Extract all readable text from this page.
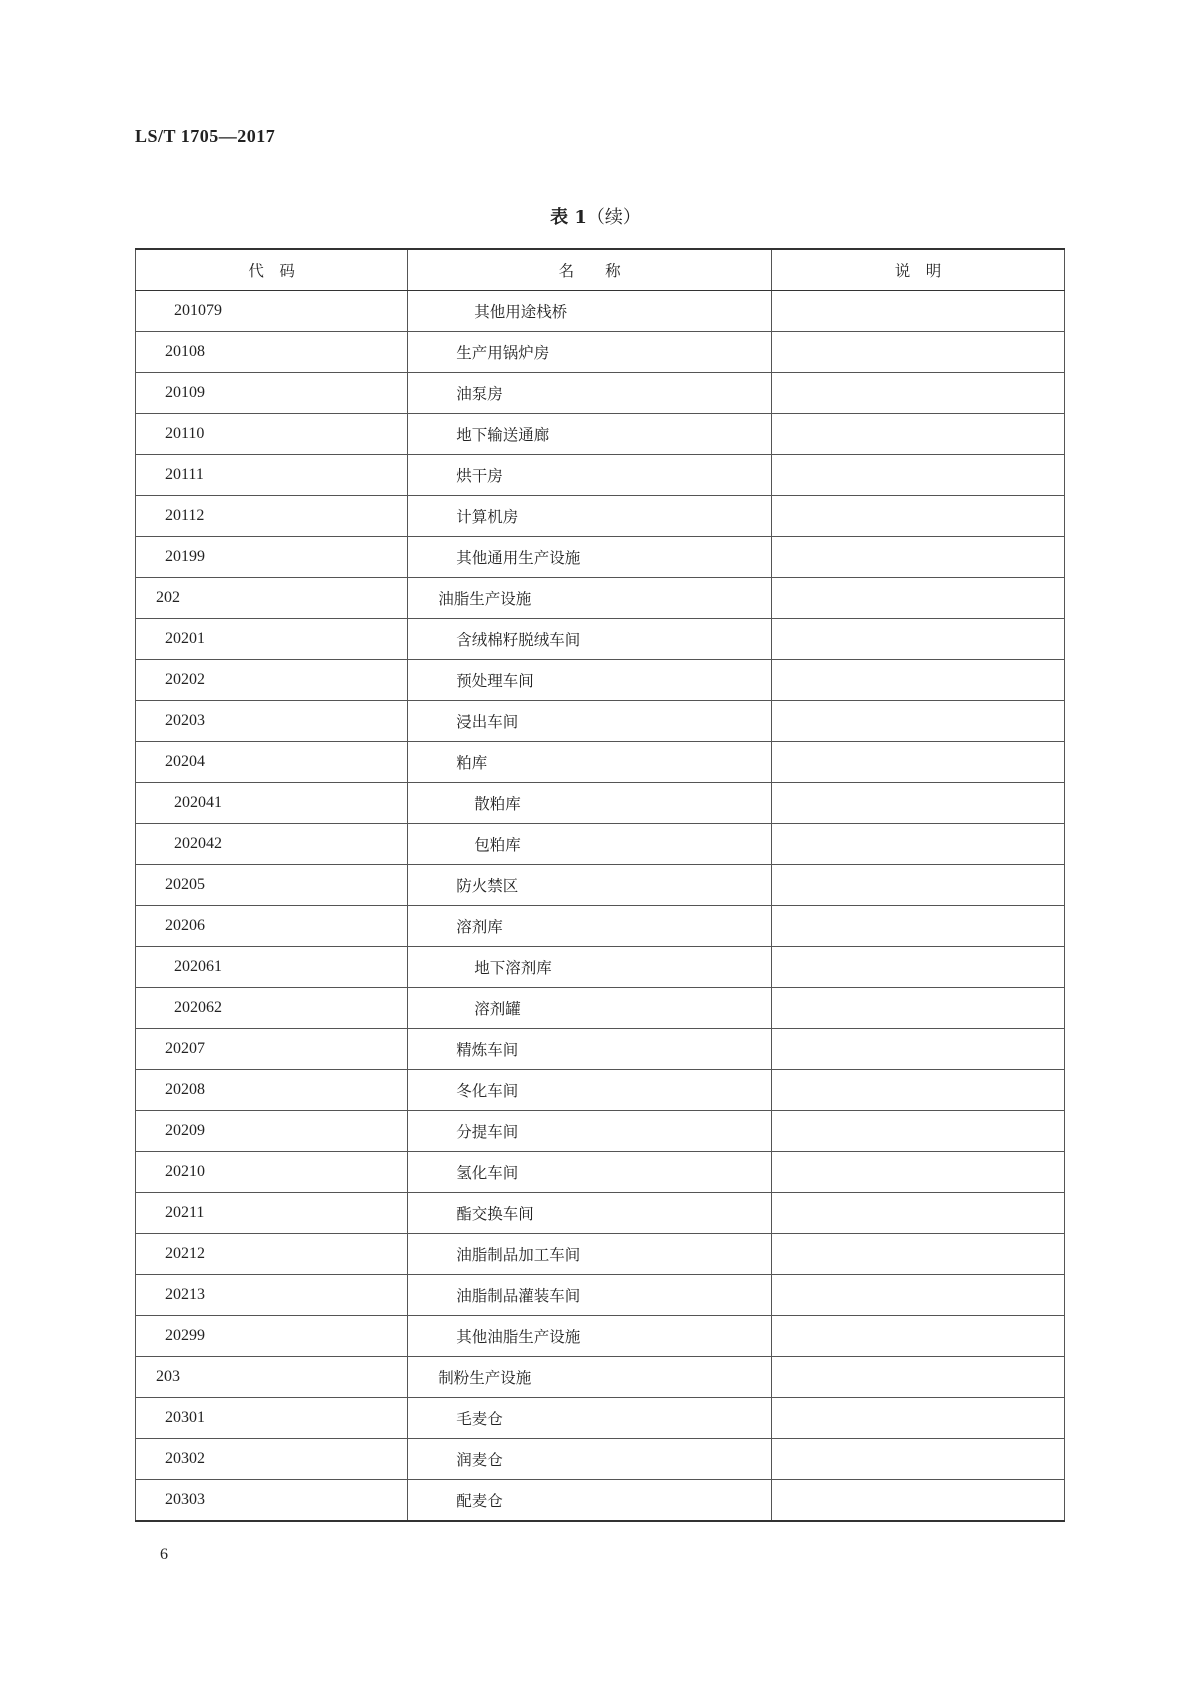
LS/T 1705—2017
表 1（续）
代　码	名　　称	说　明
201079	其他用途栈桥	
20108	生产用锅炉房	
20109	油泵房	
20110	地下输送通廊	
20111	烘干房	
20112	计算机房	
20199	其他通用生产设施	
202	油脂生产设施	
20201	含绒棉籽脱绒车间	
20202	预处理车间	
20203	浸出车间	
20204	粕库	
202041	散粕库	
202042	包粕库	
20205	防火禁区	
20206	溶剂库	
202061	地下溶剂库	
202062	溶剂罐	
20207	精炼车间	
20208	冬化车间	
20209	分提车间	
20210	氢化车间	
20211	酯交换车间	
20212	油脂制品加工车间	
20213	油脂制品灌装车间	
20299	其他油脂生产设施	
203	制粉生产设施	
20301	毛麦仓	
20302	润麦仓	
20303	配麦仓	
6
